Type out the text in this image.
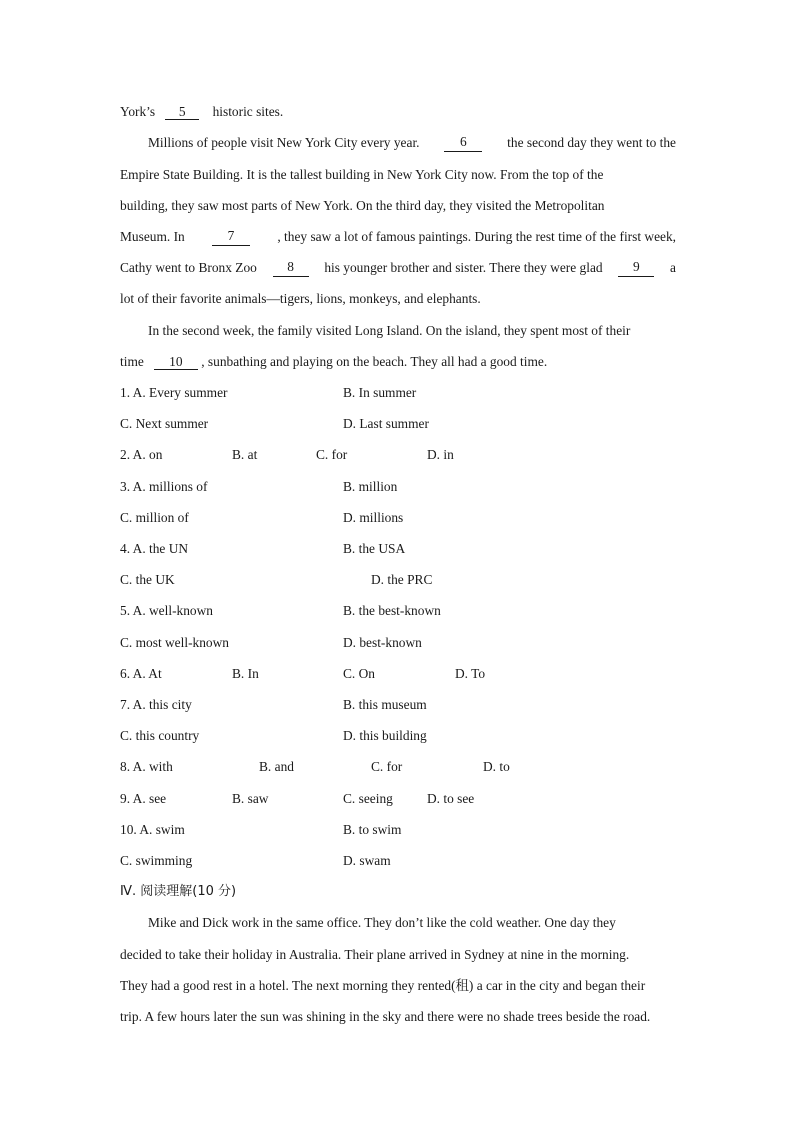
York’s 5 historic sites.
Millions of people visit New York City every year.	6	the second day they went to the
Empire State Building. It is the tallest building in New York City now. From the top of the
building, they saw most parts of New York. On the third day, they visited the Metropolitan
Museum. In	7	, they saw a lot of famous paintings. During the rest time of the first week,
Cathy went to Bronx Zoo	8	his younger brother and sister. There they were glad	9	a
lot of their favorite animals—tigers, lions, monkeys, and elephants.
In the second week, the family visited Long Island. On the island, they spent most of their
time 10 , sunbathing and playing on the beach. They all had a good time.
1. A. Every summer	B. In summer
C. Next summer	D. Last summer
2. A. on	B. at	C. for	D. in
3. A. millions of	B. million
C. million of	D. millions
4. A. the UN	B. the USA
C. the UK	D. the PRC
5. A. well-known	B. the best-known
C. most well-known	D. best-known
6. A. At	B. In	C. On	D. To
7. A. this city	B. this museum
C. this country	D. this building
8. A. with	B. and	C. for	D. to
9. A. see	B. saw	C. seeing	D. to see
10. A. swim	B. to swim
C. swimming	D. swam
Ⅳ. 阅读理解(10 分)
Mike and Dick work in the same office. They don’t like the cold weather. One day they
decided to take their holiday in Australia. Their plane arrived in Sydney at nine in the morning.
They had a good rest in a hotel. The next morning they rented(租) a car in the city and began their
trip. A few hours later the sun was shining in the sky and there were no shade trees beside the road.
